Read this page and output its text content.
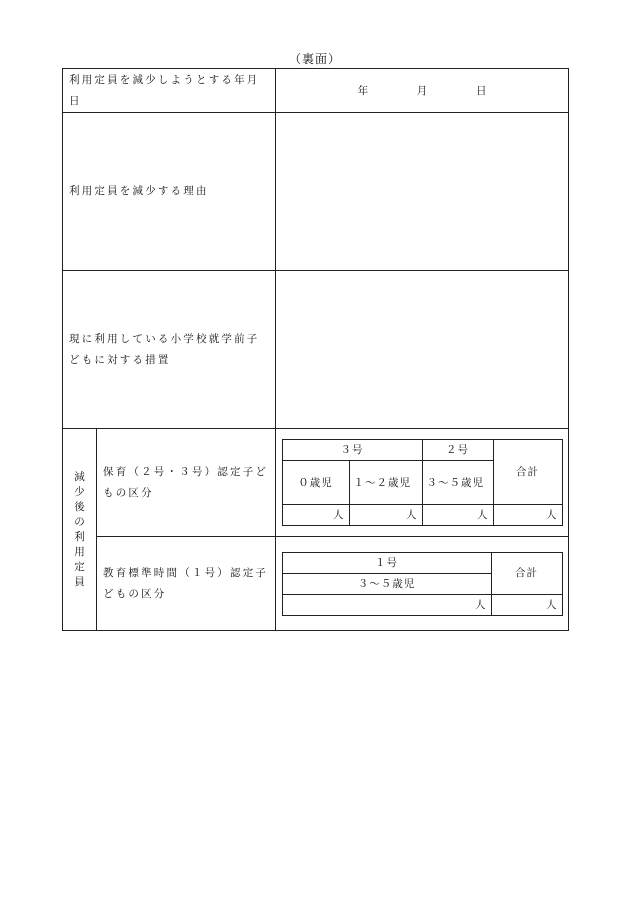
（裏面）
利用定員を減少しようとする年月日	年	月	日
利用定員を減少する理由	
現に利用している小学校就学前子どもに対する措置	

減
少
後
の
利
用
定
員
	保育（２号・３号）認定子どもの区分	
３号	２号	合計
０歳児	１～２歳児	３～５歳児
人	人	人	人

教育標準時間（１号）認定子どもの区分	
１号	合計
３～５歳児
人	人
